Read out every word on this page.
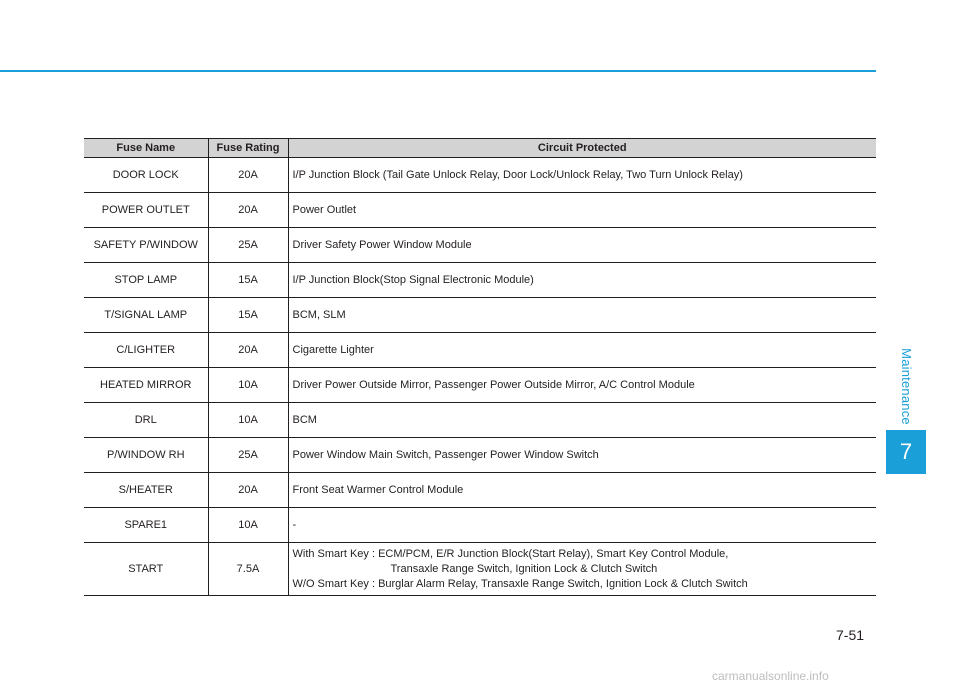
Maintenance
7
Fuse Name	Fuse Rating	Circuit Protected
DOOR LOCK	20A	I/P Junction Block (Tail Gate Unlock Relay, Door Lock/Unlock Relay, Two Turn Unlock Relay)
POWER OUTLET	20A	Power Outlet
SAFETY P/WINDOW	25A	Driver Safety Power Window Module
STOP LAMP	15A	I/P Junction Block(Stop Signal Electronic Module)
T/SIGNAL LAMP	15A	BCM, SLM
C/LIGHTER	20A	Cigarette Lighter
HEATED MIRROR	10A	Driver Power Outside Mirror, Passenger Power Outside Mirror, A/C Control Module
DRL	10A	BCM
P/WINDOW RH	25A	Power Window Main Switch, Passenger Power Window Switch
S/HEATER	20A	Front Seat Warmer Control Module
SPARE1	10A	-
START	7.5A	With Smart Key : ECM/PCM, E/R Junction Block(Start Relay), Smart Key Control Module,
Transaxle Range Switch, Ignition Lock & Clutch Switch
W/O Smart Key : Burglar Alarm Relay, Transaxle Range Switch, Ignition Lock & Clutch Switch
7-51
carmanualsonline.info
